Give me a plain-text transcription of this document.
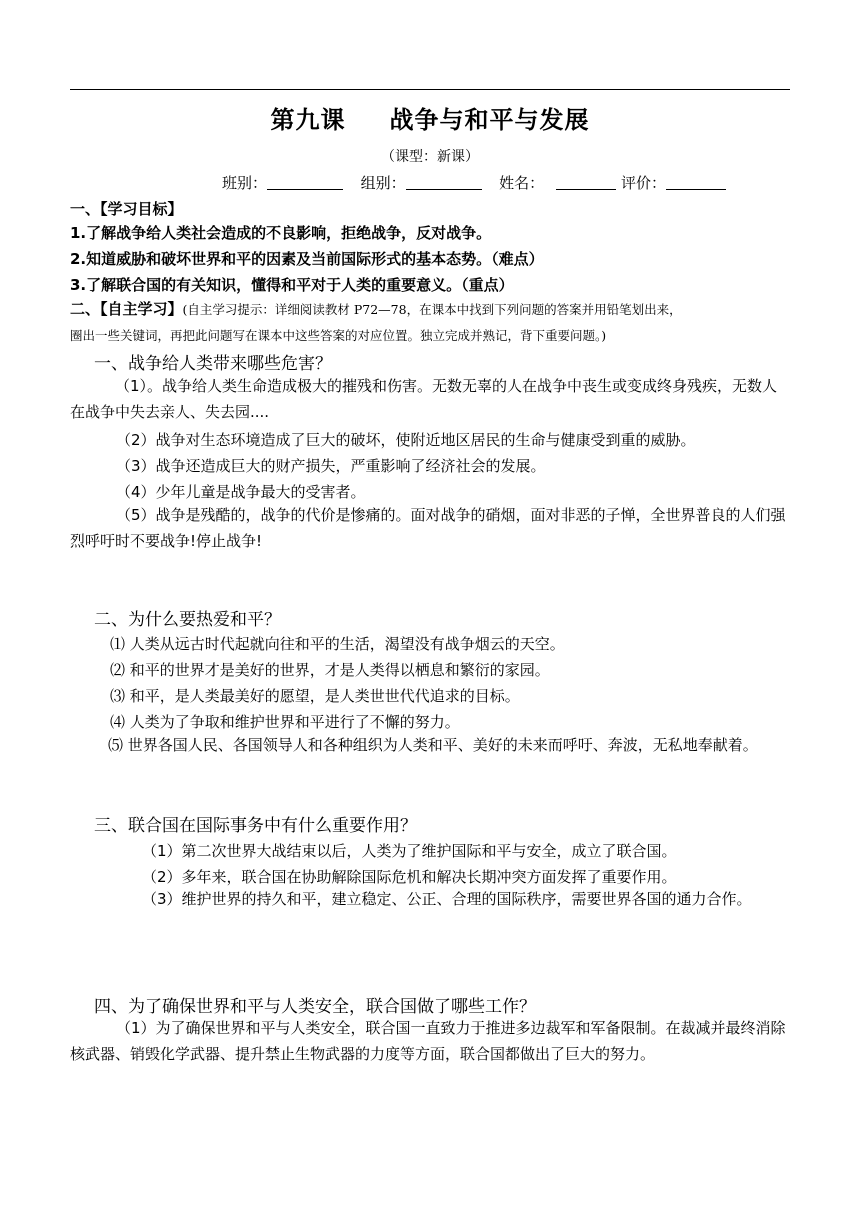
第九课 战争与和平与发展
（课型：新课）
班别：	组别：	姓名：	评价：
一、【学习目标】
1.了解战争给人类社会造成的不良影响，拒绝战争，反对战争。
2.知道威胁和破坏世界和平的因素及当前国际形式的基本态势。（难点）
3.了解联合国的有关知识，懂得和平对于人类的重要意义。（重点）
二、【自主学习】(自主学习提示：详细阅读教材 P72—78，在课本中找到下列问题的答案并用铅笔划出来，
圈出一些关键词，再把此问题写在课本中这些答案的对应位置。独立完成并熟记，背下重要问题。)
一、战争给人类带来哪些危害？
（1）。战争给人类生命造成极大的摧残和伤害。无数无辜的人在战争中丧生或变成终身残疾，无数人在战争中失去亲人、失去园....
（2）战争对生态环境造成了巨大的破坏，使附近地区居民的生命与健康受到重的威胁。
（3）战争还造成巨大的财产损失，严重影响了经济社会的发展。
（4）少年儿童是战争最大的受害者。
（5）战争是残酷的，战争的代价是惨痛的。面对战争的硝烟，面对非恶的子惮，全世界普良的人们强烈呼吁时不要战争!停止战争!
二、为什么要热爱和平？
⑴ 人类从远古时代起就向往和平的生活，渴望没有战争烟云的天空。
⑵ 和平的世界才是美好的世界，才是人类得以栖息和繁衍的家园。
⑶ 和平，是人类最美好的愿望，是人类世世代代追求的目标。
⑷ 人类为了争取和维护世界和平进行了不懈的努力。
⑸ 世界各国人民、各国领导人和各种组织为人类和平、美好的未来而呼吁、奔波，无私地奉献着。
三、联合国在国际事务中有什么重要作用？
（1）第二次世界大战结束以后，人类为了维护国际和平与安全，成立了联合国。
（2）多年来，联合国在协助解除国际危机和解决长期冲突方面发挥了重要作用。
（3）维护世界的持久和平，建立稳定、公正、合理的国际秩序，需要世界各国的通力合作。
四、为了确保世界和平与人类安全，联合国做了哪些工作？
（1）为了确保世界和平与人类安全，联合国一直致力于推进多边裁军和军备限制。在裁减并最终消除核武器、销毁化学武器、提升禁止生物武器的力度等方面，联合国都做出了巨大的努力。
